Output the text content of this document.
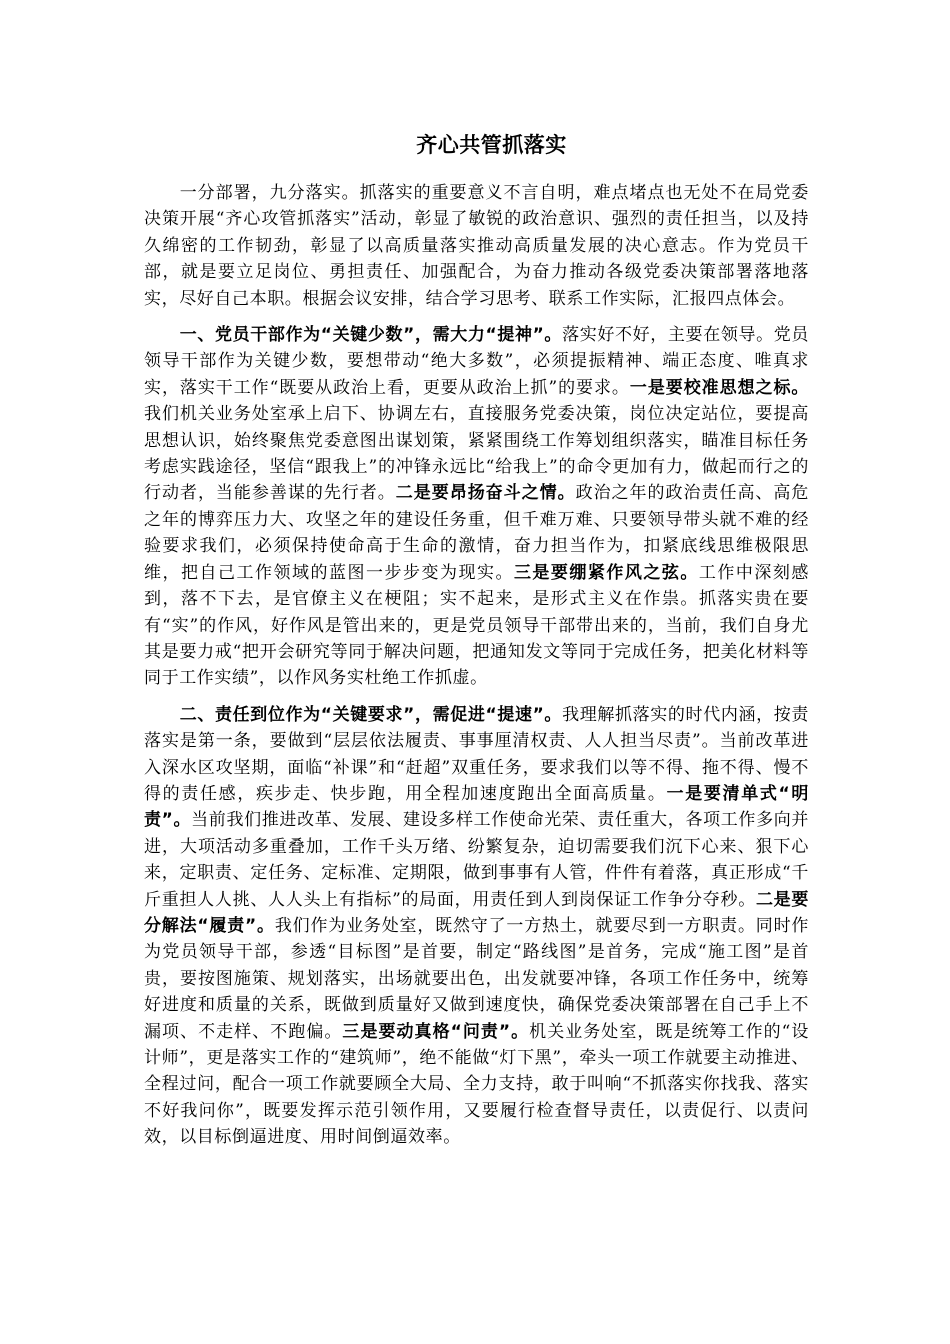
齐心共管抓落实

一分部署，九分落实。抓落实的重要意义不言自明，难点堵点也无处不在局党委决策开展“齐心攻管抓落实”活动，彰显了敏锐的政治意识、强烈的责任担当，以及持久绵密的工作韧劲，彰显了以高质量落实推动高质量发展的决心意志。作为党员干部，就是要立足岗位、勇担责任、加强配合，为奋力推动各级党委决策部署落地落实，尽好自己本职。根据会议安排，结合学习思考、联系工作实际，汇报四点体会。

一、党员干部作为“关键少数”，需大力“提神”。落实好不好，主要在领导。党员领导干部作为关键少数，要想带动“绝大多数”，必须提振精神、端正态度、唯真求实，落实干工作“既要从政治上看，更要从政治上抓”的要求。一是要校准思想之标。我们机关业务处室承上启下、协调左右，直接服务党委决策，岗位决定站位，要提高思想认识，始终聚焦党委意图出谋划策，紧紧围绕工作筹划组织落实，瞄准目标任务考虑实践途径，坚信“跟我上”的冲锋永远比“给我上”的命令更加有力，做起而行之的行动者，当能参善谋的先行者。二是要昂扬奋斗之情。政治之年的政治责任高、高危之年的博弈压力大、攻坚之年的建设任务重，但千难万难、只要领导带头就不难的经验要求我们，必须保持使命高于生命的激情，奋力担当作为，扣紧底线思维极限思维，把自己工作领域的蓝图一步步变为现实。三是要绷紧作风之弦。工作中深刻感到，落不下去，是官僚主义在梗阻；实不起来，是形式主义在作祟。抓落实贵在要有“实”的作风，好作风是管出来的，更是党员领导干部带出来的，当前，我们自身尤其是要力戒“把开会研究等同于解决问题，把通知发文等同于完成任务，把美化材料等同于工作实绩”，以作风务实杜绝工作抓虚。

二、责任到位作为“关键要求”，需促进“提速”。我理解抓落实的时代内涵，按责落实是第一条，要做到“层层依法履责、事事厘清权责、人人担当尽责”。当前改革进入深水区攻坚期，面临“补课”和“赶超”双重任务，要求我们以等不得、拖不得、慢不得的责任感，疾步走、快步跑，用全程加速度跑出全面高质量。一是要清单式“明责”。当前我们推进改革、发展、建设多样工作使命光荣、责任重大，各项工作多向并进，大项活动多重叠加，工作千头万绪、纷繁复杂，迫切需要我们沉下心来、狠下心来，定职责、定任务、定标准、定期限，做到事事有人管，件件有着落，真正形成“千斤重担人人挑、人人头上有指标”的局面，用责任到人到岗保证工作争分夺秒。二是要分解法“履责”。我们作为业务处室，既然守了一方热土，就要尽到一方职责。同时作为党员领导干部，参透“目标图”是首要，制定“路线图”是首务，完成“施工图”是首贵，要按图施策、规划落实，出场就要出色，出发就要冲锋，各项工作任务中，统筹好进度和质量的关系，既做到质量好又做到速度快，确保党委决策部署在自己手上不漏项、不走样、不跑偏。三是要动真格“问责”。机关业务处室，既是统筹工作的“设计师”，更是落实工作的“建筑师”，绝不能做“灯下黑”，牵头一项工作就要主动推进、全程过问，配合一项工作就要顾全大局、全力支持，敢于叫响“不抓落实你找我、落实不好我问你”，既要发挥示范引领作用，又要履行检查督导责任，以责促行、以责问效，以目标倒逼进度、用时间倒逼效率。
